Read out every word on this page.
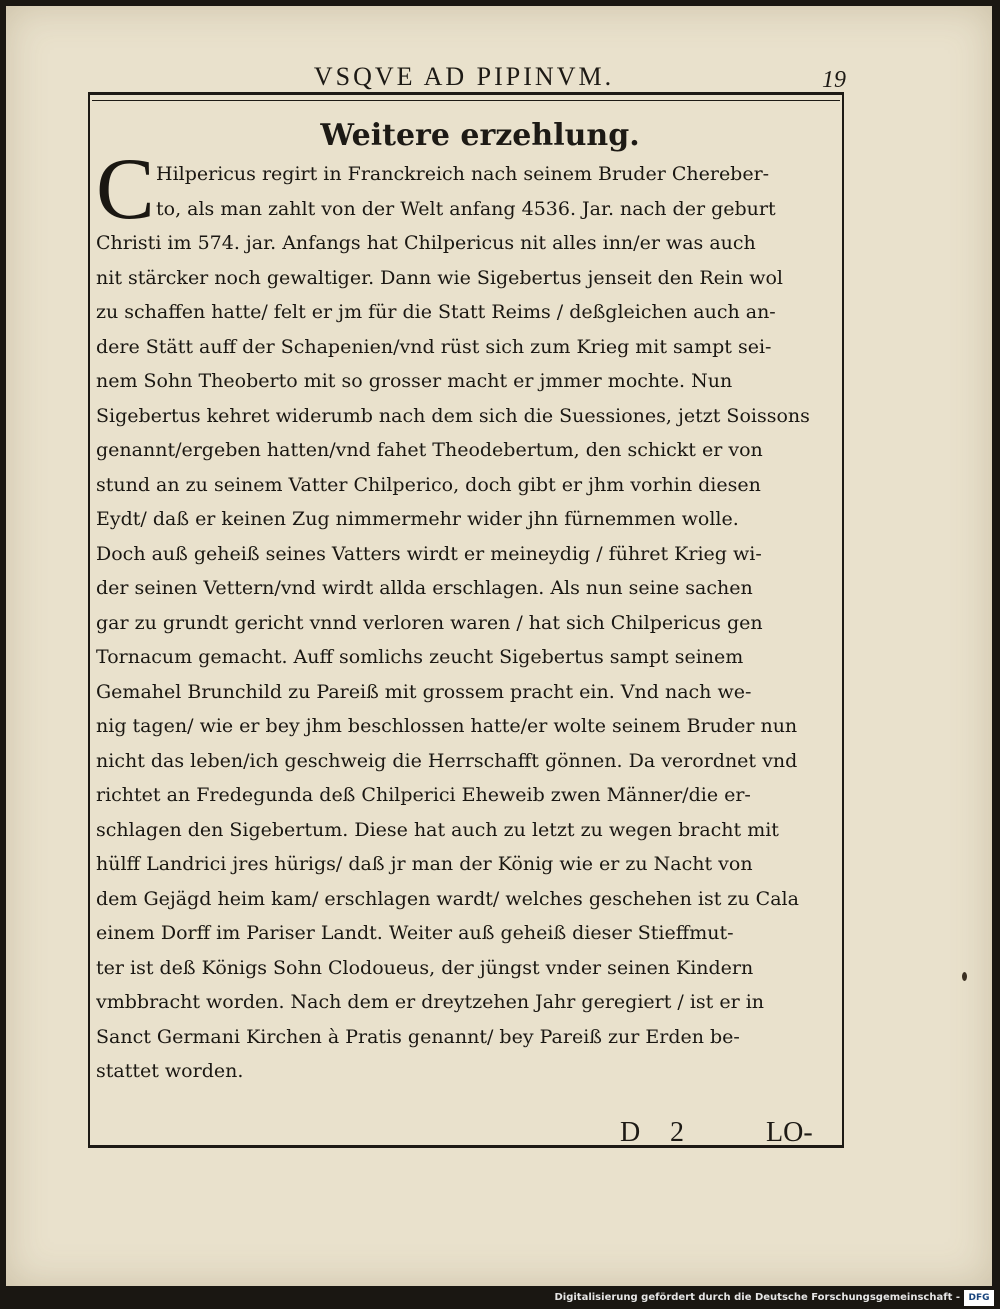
VSQVE AD PIPINVM.	19
Weitere erzehlung.
C Hilpericus regirt in Franckreich nach seinem Bruder Chereber-
to, als man zahlt von der Welt anfang 4536. Jar. nach der geburt
Christi im 574. jar. Anfangs hat Chilpericus nit alles inn/er was auch
nit stärcker noch gewaltiger. Dann wie Sigebertus jenseit den Rein wol
zu schaffen hatte/ felt er jm für die Statt Reims / deßgleichen auch an-
dere Stätt auff der Schapenien/vnd rüst sich zum Krieg mit sampt sei-
nem Sohn Theoberto mit so grosser macht er jmmer mochte. Nun
Sigebertus kehret widerumb nach dem sich die Suessiones, jetzt Soissons
genannt/ergeben hatten/vnd fahet Theodebertum, den schickt er von
stund an zu seinem Vatter Chilperico, doch gibt er jhm vorhin diesen
Eydt/ daß er keinen Zug nimmermehr wider jhn fürnemmen wolle.
Doch auß geheiß seines Vatters wirdt er meineydig / führet Krieg wi-
der seinen Vettern/vnd wirdt allda erschlagen. Als nun seine sachen
gar zu grundt gericht vnnd verloren waren / hat sich Chilpericus gen
Tornacum gemacht. Auff somlichs zeucht Sigebertus sampt seinem
Gemahel Brunchild zu Pareiß mit grossem pracht ein. Vnd nach we-
nig tagen/ wie er bey jhm beschlossen hatte/er wolte seinem Bruder nun
nicht das leben/ich geschweig die Herrschafft gönnen. Da verordnet vnd
richtet an Fredegunda deß Chilperici Eheweib zwen Männer/die er-
schlagen den Sigebertum. Diese hat auch zu letzt zu wegen bracht mit
hülff Landrici jres hürigs/ daß jr man der König wie er zu Nacht von
dem Gejägd heim kam/ erschlagen wardt/ welches geschehen ist zu Cala
einem Dorff im Pariser Landt. Weiter auß geheiß dieser Stieffmut-
ter ist deß Königs Sohn Clodoueus, der jüngst vnder seinen Kindern
vmbbracht worden. Nach dem er dreytzehen Jahr geregiert / ist er in
Sanct Germani Kirchen à Pratis genannt/ bey Pareiß zur Erden be-
stattet worden.
D 2	LO-
Digitalisierung gefördert durch die Deutsche Forschungsgemeinschaft - DFG
